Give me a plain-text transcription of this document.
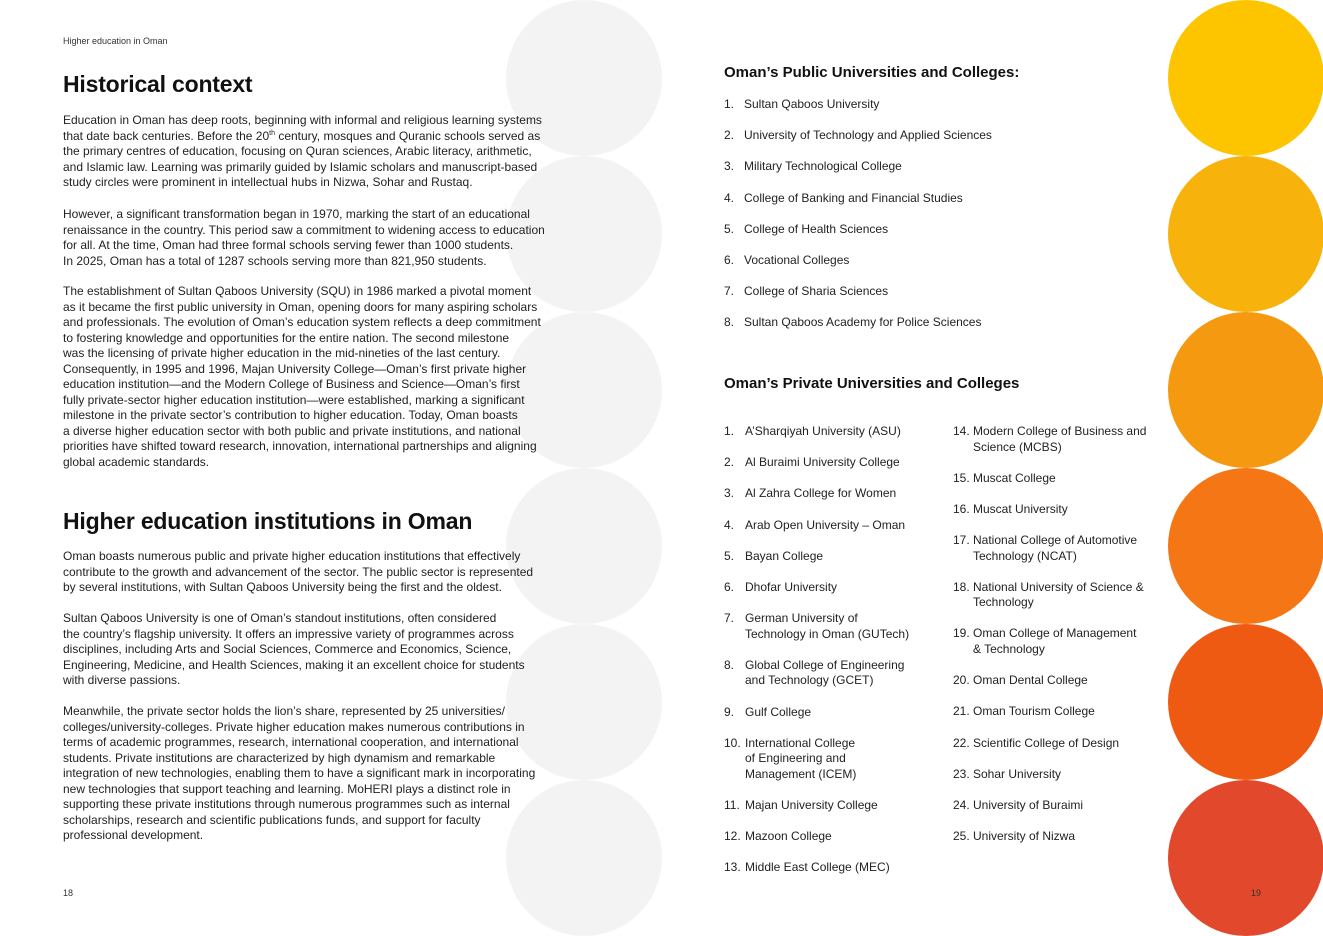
Higher education in Oman
Historical context

Education in Oman has deep roots, beginning with informal and religious learning systems
that date back centuries. Before the 20th century, mosques and Quranic schools served as
the primary centres of education, focusing on Quran sciences, Arabic literacy, arithmetic,
and Islamic law. Learning was primarily guided by Islamic scholars and manuscript-based
study circles were prominent in intellectual hubs in Nizwa, Sohar and Rustaq.

However, a significant transformation began in 1970, marking the start of an educational
renaissance in the country. This period saw a commitment to widening access to education
for all. At the time, Oman had three formal schools serving fewer than 1000 students.
In 2025, Oman has a total of 1287 schools serving more than 821,950 students.

The establishment of Sultan Qaboos University (SQU) in 1986 marked a pivotal moment
as it became the first public university in Oman, opening doors for many aspiring scholars
and professionals. The evolution of Oman’s education system reflects a deep commitment
to fostering knowledge and opportunities for the entire nation. The second milestone
was the licensing of private higher education in the mid-nineties of the last century.
Consequently, in 1995 and 1996, Majan University College—Oman’s first private higher
education institution—and the Modern College of Business and Science—Oman’s first
fully private-sector higher education institution—were established, marking a significant
milestone in the private sector’s contribution to higher education. Today, Oman boasts
a diverse higher education sector with both public and private institutions, and national
priorities have shifted toward research, innovation, international partnerships and aligning
global academic standards.

Higher education institutions in Oman

Oman boasts numerous public and private higher education institutions that effectively
contribute to the growth and advancement of the sector. The public sector is represented
by several institutions, with Sultan Qaboos University being the first and the oldest.

Sultan Qaboos University is one of Oman’s standout institutions, often considered
the country’s flagship university. It offers an impressive variety of programmes across
disciplines, including Arts and Social Sciences, Commerce and Economics, Science,
Engineering, Medicine, and Health Sciences, making it an excellent choice for students
with diverse passions.

Meanwhile, the private sector holds the lion’s share, represented by 25 universities/
colleges/university-colleges. Private higher education makes numerous contributions in
terms of academic programmes, research, international cooperation, and international
students. Private institutions are characterized by high dynamism and remarkable
integration of new technologies, enabling them to have a significant mark in incorporating
new technologies that support teaching and learning. MoHERI plays a distinct role in
supporting these private institutions through numerous programmes such as internal
scholarships, research and scientific publications funds, and support for faculty
professional development.

18
Oman’s Public Universities and Colleges:
1. Sultan Qaboos University
2. University of Technology and Applied Sciences
3. Military Technological College
4. College of Banking and Financial Studies
5. College of Health Sciences
6. Vocational Colleges
7. College of Sharia Sciences
8. Sultan Qaboos Academy for Police Sciences
Oman’s Private Universities and Colleges
1. A’Sharqiyah University (ASU)
2. Al Buraimi University College
3. Al Zahra College for Women
4. Arab Open University – Oman
5. Bayan College
6. Dhofar University
7. German University of
Technology in Oman (GUTech)
8. Global College of Engineering
and Technology (GCET)
9. Gulf College
10. International College
of Engineering and
Management (ICEM)
11. Majan University College
12. Mazoon College
13. Middle East College (MEC)
14. Modern College of Business and
Science (MCBS)
15. Muscat College
16. Muscat University
17. National College of Automotive
Technology (NCAT)
18. National University of Science &
Technology
19. Oman College of Management
& Technology
20. Oman Dental College
21. Oman Tourism College
22. Scientific College of Design
23. Sohar University
24. University of Buraimi
25. University of Nizwa
19
